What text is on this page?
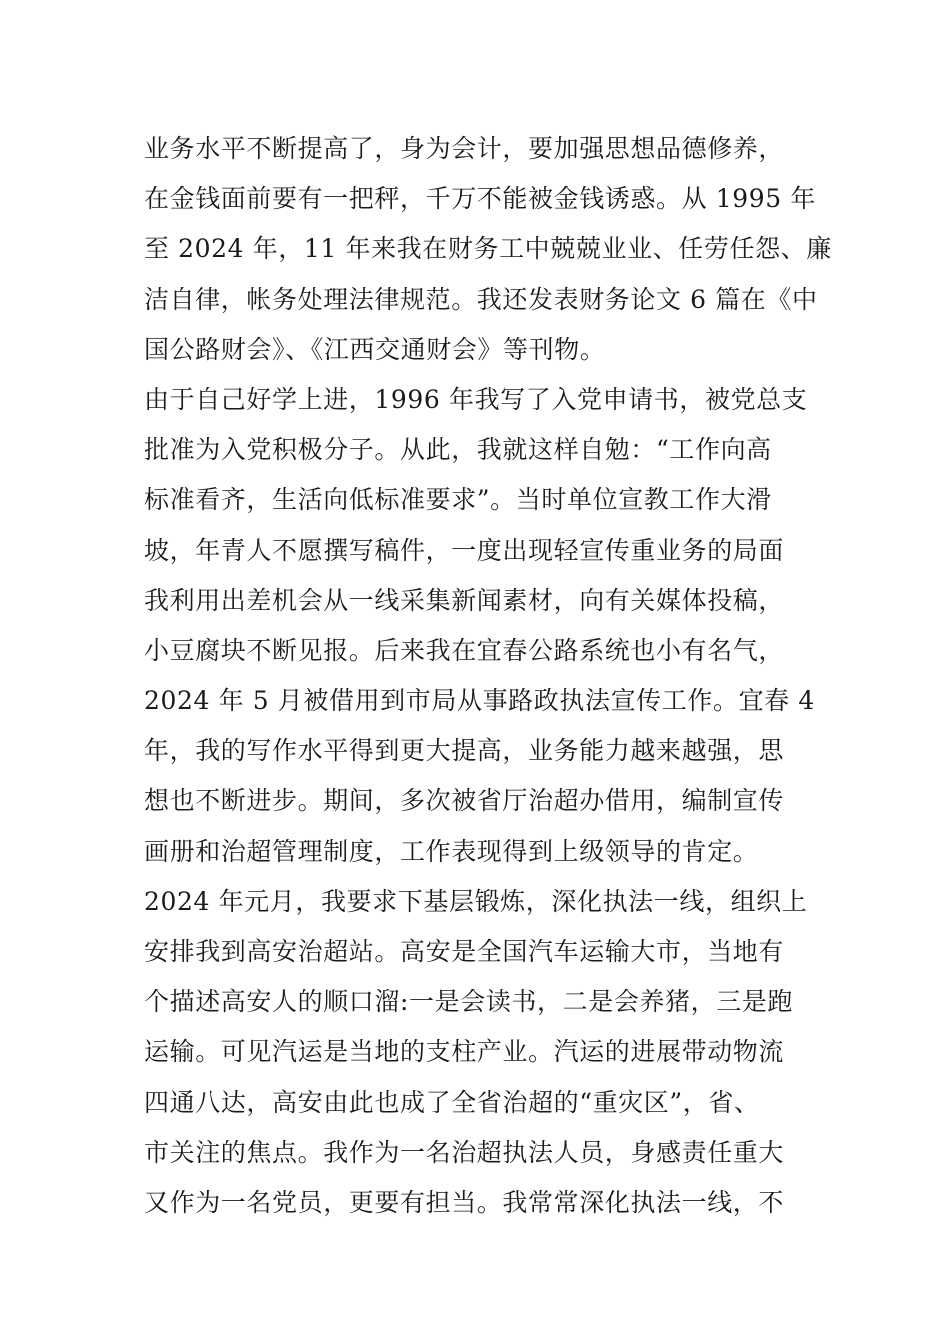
业务水平不断提高了，身为会计，要加强思想品德修养，
在金钱面前要有一把秤，千万不能被金钱诱惑。从 1995 年
至 2024 年，11 年来我在财务工中兢兢业业、任劳任怨、廉
洁自律，帐务处理法律规范。我还发表财务论文 6 篇在《中
国公路财会》、《江西交通财会》等刊物。
由于自己好学上进，1996 年我写了入党申请书，被党总支
批准为入党积极分子。从此，我就这样自勉：“工作向高
标准看齐，生活向低标准要求”。当时单位宣教工作大滑
坡，年青人不愿撰写稿件，一度出现轻宣传重业务的局面
我利用出差机会从一线采集新闻素材，向有关媒体投稿，
小豆腐块不断见报。后来我在宜春公路系统也小有名气，
2024 年 5 月被借用到市局从事路政执法宣传工作。宜春 4
年，我的写作水平得到更大提高，业务能力越来越强，思
想也不断进步。期间，多次被省厅治超办借用，编制宣传
画册和治超管理制度，工作表现得到上级领导的肯定。
2024 年元月，我要求下基层锻炼，深化执法一线，组织上
安排我到高安治超站。高安是全国汽车运输大市，当地有
个描述高安人的顺口溜:一是会读书，二是会养猪，三是跑
运输。可见汽运是当地的支柱产业。汽运的进展带动物流
四通八达，高安由此也成了全省治超的“重灾区”，省、
市关注的焦点。我作为一名治超执法人员，身感责任重大
又作为一名党员，更要有担当。我常常深化执法一线，不
